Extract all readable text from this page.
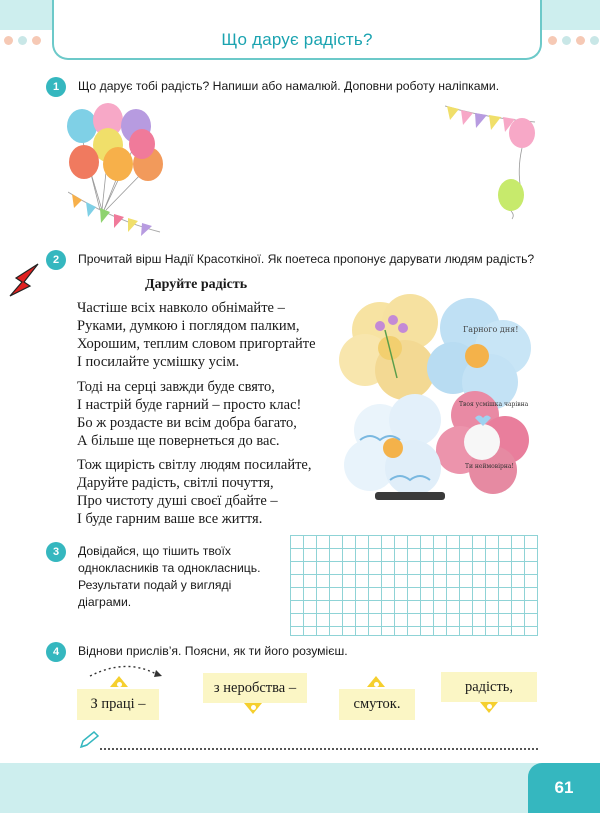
Що дарує радість?
1	Що дарує тобі радість? Напиши або намалюй. Доповни роботу наліпками.
2	Прочитай вірш Надії Красоткіної. Як поетеса пропонує дарувати людям радість?
Даруйте радість
Частіше всіх навколо обнімайте –
Руками, думкою і поглядом палким,
Хорошим, теплим словом пригортайте
І посилайте усмішку усім.
Тоді на серці завжди буде свято,
І настрій буде гарний – просто клас!
Бо ж роздасте ви всім добра багато,
А більше ще повернеться до вас.
Тож щирість світлу людям посилайте,
Даруйте радість, світлі почуття,
Про чистоту душі своєї дбайте –
І буде гарним ваше все життя.
Гарного дня!
Твоя усмішка чарівна
Ти неймовірна!
3	Довідайся, що тішить твоїх
однокласників та однокласниць.
Результати подай у вигляді
діаграми.
4	Віднови прислів’я. Поясни, як ти його розумієш.
З праці –
з неробства –
смуток.
радість,
61
